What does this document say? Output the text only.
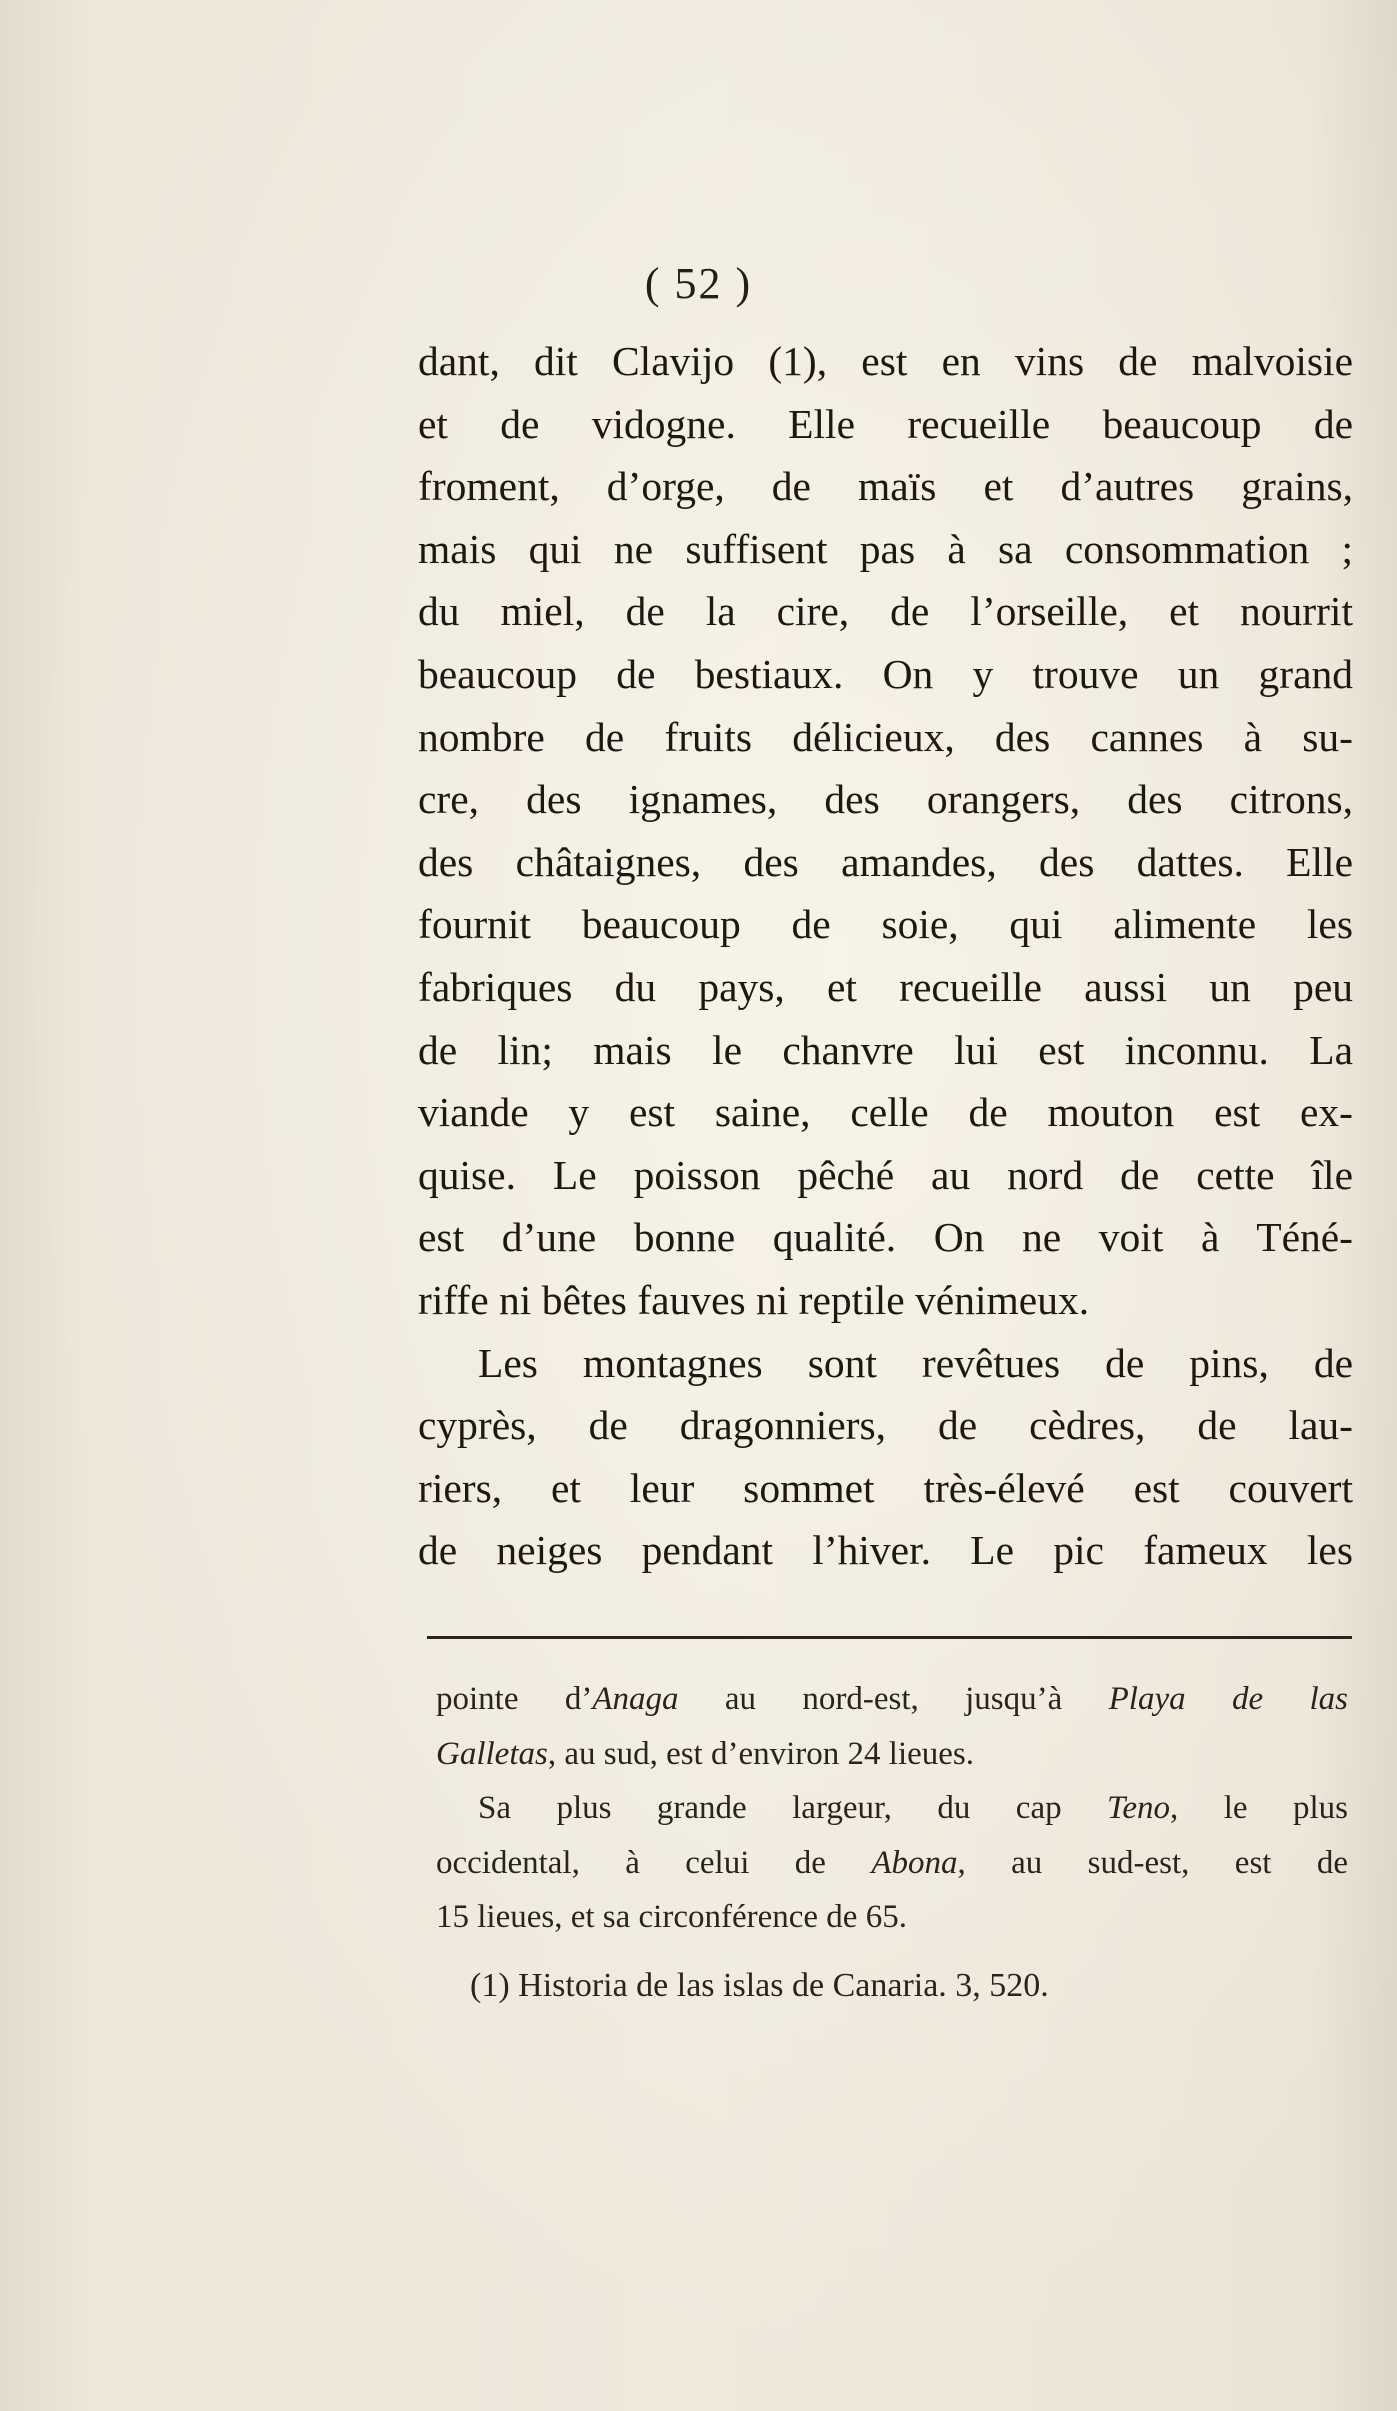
( 52 )
dant, dit Clavijo (1), est en vins de malvoisie
et de vidogne. Elle recueille beaucoup de
froment, d’orge, de maïs et d’autres grains,
mais qui ne suffisent pas à sa consommation ;
du miel, de la cire, de l’orseille, et nourrit
beaucoup de bestiaux. On y trouve un grand
nombre de fruits délicieux, des cannes à su-
cre, des ignames, des orangers, des citrons,
des châtaignes, des amandes, des dattes. Elle
fournit beaucoup de soie, qui alimente les
fabriques du pays, et recueille aussi un peu
de lin; mais le chanvre lui est inconnu. La
viande y est saine, celle de mouton est ex-
quise. Le poisson pêché au nord de cette île
est d’une bonne qualité. On ne voit à Téné-
riffe ni bêtes fauves ni reptile vénimeux.
Les montagnes sont revêtues de pins, de
cyprès, de dragonniers, de cèdres, de lau-
riers, et leur sommet très-élevé est couvert
de neiges pendant l’hiver. Le pic fameux les
pointe d’Anaga au nord-est, jusqu’à Playa de las
Galletas, au sud, est d’environ 24 lieues.
Sa plus grande largeur, du cap Teno, le plus
occidental, à celui de Abona, au sud-est, est de
15 lieues, et sa circonférence de 65.
(1) Historia de las islas de Canaria. 3, 520.
